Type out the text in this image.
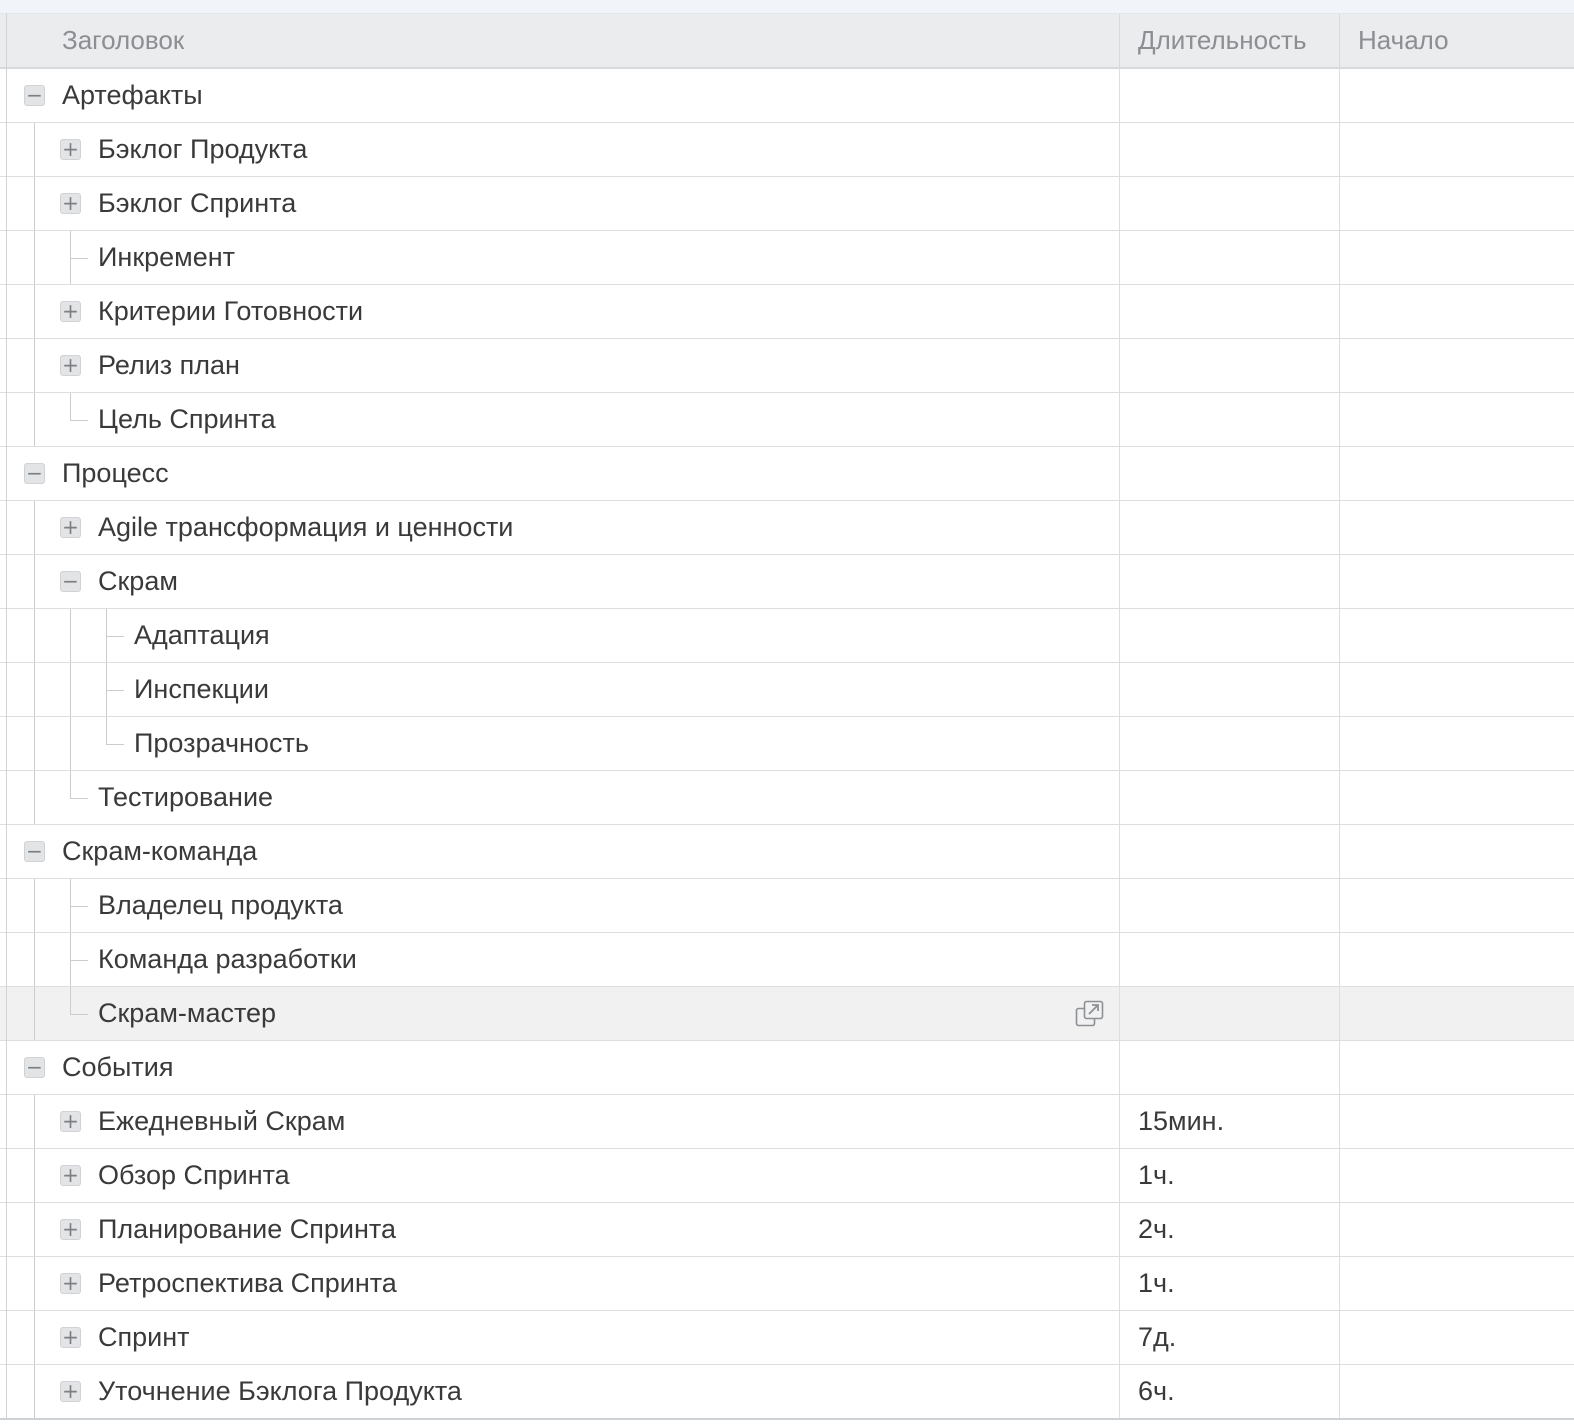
Заголовок	Длительность	Начало
− Артефакты
+ Бэклог Продукта
+ Бэклог Спринта
Инкремент
+ Критерии Готовности
+ Релиз план
Цель Спринта
− Процесс
+ Agile трансформация и ценности
− Скрам
Адаптация
Инспекции
Прозрачность
Тестирование
− Скрам-команда
Владелец продукта
Команда разработки
Скрам-мастер
− События
+ Ежедневный Скрам	15мин.
+ Обзор Спринта	1ч.
+ Планирование Спринта	2ч.
+ Ретроспектива Спринта	1ч.
+ Спринт	7д.
+ Уточнение Бэклога Продукта	6ч.
